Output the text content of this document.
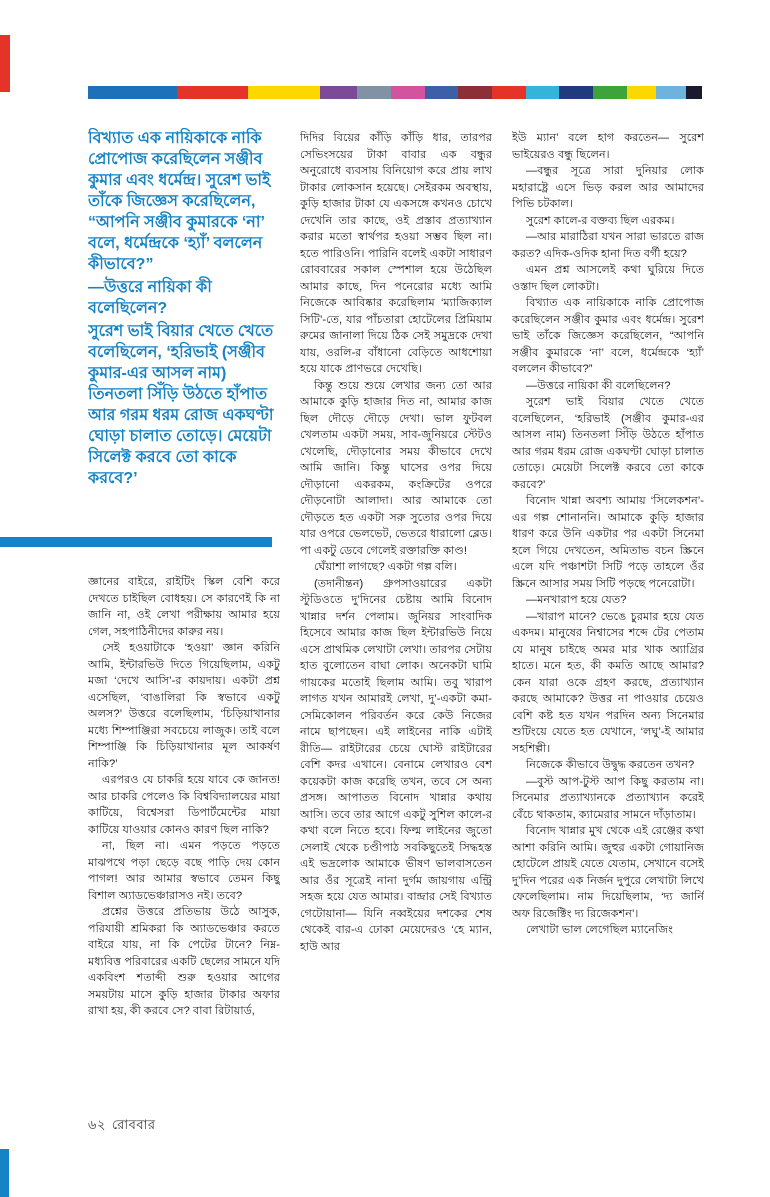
বিখ্যাত এক নায়িকাকে নাকি প্রোপোজ করেছিলেন সঞ্জীব কুমার এবং ধর্মেন্দ্র। সুরেশ ভাই তাঁকে জিজ্ঞেস করেছিলেন, “আপনি সঞ্জীব কুমারকে ‘না’ বলে, ধর্মেন্দ্রকে ‘হ্যাঁ’ বললেন কীভাবে?”

—উত্তরে নায়িকা কী বলেছিলেন?

সুরেশ ভাই বিয়ার খেতে খেতে বলেছিলেন, ‘হরিভাই (সঞ্জীব কুমার-এর আসল নাম) তিনতলা সিঁড়ি উঠতে হাঁপাত আর গরম ধরম রোজ একঘণ্টা ঘোড়া চালাত তোড়ে। মেয়েটা সিলেক্ট করবে তো কাকে করবে?’

জ্ঞানের বাইরে, রাইটিং স্কিল বেশি করে দেখতে চাইছিল বোধহয়। সে কারণেই কি না জানি না, ওই লেখা পরীক্ষায় আমার হয়ে গেল, সহপাঠিনীদের কারুর নয়।

সেই হওয়াটাকে ‘হওয়া’ জ্ঞান করিনি আমি, ইন্টারভিউ দিতে গিয়েছিলাম, একটু মজা ‘দেখে আসি’-র কায়দায়। একটা প্রশ্ন এসেছিল, ‘বাঙালিরা কি স্বভাবে একটু অলস?’ উত্তরে বলেছিলাম, ‘চিড়িয়াখানার মধ্যে শিম্পাঞ্জিরা সবচেয়ে লাজুক। তাই বলে শিম্পাঞ্জি কি চিড়িয়াখানার মূল আকর্ষণ নাকি?’

এরপরও যে চাকরি হয়ে যাবে কে জানত! আর চাকরি পেলেও কি বিশ্ববিদ্যালয়ের মায়া কাটিয়ে, বিশ্বেসরা ডিপার্টমেন্টের মায়া কাটিয়ে যাওয়ার কোনও কারণ ছিল নাকি?

না, ছিল না। এমন পড়তে পড়তে মাঝপথে পড়া ছেড়ে বছে পাড়ি দেয় কোন পাগল! আর আমার স্বভাবে তেমন কিছু বিশাল অ্যাডভেঞ্চারাসও নই। তবে?

প্রশ্নের উত্তরে প্রতিভায় উঠে আসুক, পরিযায়ী শ্রমিকরা কি অ্যাডভেঞ্চার করতে বাইরে যায়, না কি পেটের টানে? নিম্ন-মধ্যবিত্ত পরিবারের একটি ছেলের সামনে যদি একবিংশ শতাব্দী শুরু হওয়ার আগের সময়টায় মাসে কুড়ি হাজার টাকার অফার রাখা হয়, কী করবে সে? বাবা রিটায়ার্ড,

দিদির বিয়ের কাঁড়ি কাঁড়ি ধার, তারপর সেভিংসয়ের টাকা বাবার এক বন্ধুর অনুরোধে ব্যবসায় বিনিয়োগ করে প্রায় লাখ টাকার লোকসান হয়েছে। সেইরকম অবস্থায়, কুড়ি হাজার টাকা যে একসঙ্গে কখনও চোখে দেখেনি তার কাছে, ওই প্রস্তাব প্রত্যাখ্যান করার মতো স্বার্থপর হওয়া সম্ভব ছিল না। হতে পারিওনি। পারিনি বলেই একটা সাধারণ রোববারের সকাল স্পেশাল হয়ে উঠেছিল আমার কাছে, দিন পনেরোর মধ্যে আমি নিজেকে আবিষ্কার করেছিলাম ‘ম্যাজিক্যাল সিটি’-তে, যার পাঁচতারা হোটেলের প্রিমিয়াম রুমের জানালা দিয়ে ঠিক সেই সমুদ্রকে দেখা যায়, ওরলি-র বাঁধানো বেড়িতে আধশোয়া হয়ে যাকে প্রাণভরে দেখেছি।

কিন্তু শুয়ে শুয়ে লেখার জন্য তো আর আমাকে কুড়ি হাজার দিত না, আমার কাজ ছিল দৌড়ে দৌড়ে দেখা। ভাল ফুটবল খেলতাম একটা সময়, সাব-জুনিয়রে স্টেটও খেলেছি, দৌড়ানোর সময় কীভাবে দেখে আমি জানি। কিন্তু ঘাসের ওপর দিয়ে দৌড়ানো একরকম, কংক্রিটের ওপরে দৌড়নোটা আলাদা। আর আমাকে তো দৌড়তে হত একটা সরু সুতোর ওপর দিয়ে যার ওপরে ভেলভেট, ভেতরে ধারালো ব্লেড। পা একটু ডেবে গেলেই রক্তারক্তি কাণ্ড!

ঘেঁয়াশা লাগছে? একটা গল্প বলি।

(তদানীন্তন) গ্রুপসাওয়ারের একটা স্টুডিওতে দু’দিনের চেষ্টায় আমি বিনোদ খান্নার দর্শন পেলাম। জুনিয়র সাংবাদিক হিসেবে আমার কাজ ছিল ইন্টারভিউ নিয়ে এসে প্রাথমিক লেখাটা লেখা। তারপর সেটায় হাত বুলোতেন বাঘা লোক। অনেকটা ঘামি গায়কের মতোই ছিলাম আমি। তবু খারাপ লাগত যখন আমারই লেখা, দু’-একটা কমা-সেমিকোলন পরিবর্তন করে কেউ নিজের নামে ছাপছেন। এই লাইনের নাকি এটাই রীতি— রাইটারের চেয়ে ঘোস্ট রাইটারের বেশি কদর এখানে। বেনামে লেখারও বেশ কয়েকটা কাজ করেছি তখন, তবে সে অন্য প্রসঙ্গ। আপাতত বিনোদ খান্নার কথায় আসি। তবে তার আগে একটু সুশিল কালে-র কথা বলে নিতে হবে। ফিল্ম লাইনের জুতো সেলাই থেকে চণ্ডীপাঠ সবকিছুতেই সিদ্ধহস্ত এই ভদ্রলোক আমাকে ভীষণ ভালবাসতেন আর ওঁর সূত্রেই নানা দুর্গম জায়গায় এন্ট্রি সহজ হয়ে যেত আমার। বান্দ্রার সেই বিখ্যাত গেটোয়ানা— যিনি নব্বইয়ের দশকের শেষ থেকেই বার-এ ঢোকা মেয়েদেরও ‘হে ম্যান, হাউ আর

ইউ ম্যান’ বলে হাগ করতেন— সুরেশ ভাইয়েরও বন্ধু ছিলেন।

—বন্ধুর সূত্রে সারা দুনিয়ার লোক মহারাষ্ট্রে এসে ভিড় করল আর আমাদের পিভি চটকাল।

সুরেশ কালে-র বক্তব্য ছিল এরকম।

—আর মারাঠিরা যখন সারা ভারতে রাজ করত? এদিক-ওদিক হানা দিত বর্গী হয়ে?

এমন প্রশ্ন আসলেই কথা ঘুরিয়ে দিতে ওস্তাদ ছিল লোকটা।

বিখ্যাত এক নায়িকাকে নাকি প্রোপোজ করেছিলেন সঞ্জীব কুমার এবং ধর্মেন্দ্র। সুরেশ ভাই তাঁকে জিজ্ঞেস করেছিলেন, “আপনি সঞ্জীব কুমারকে ‘না’ বলে, ধর্মেন্দ্রকে ‘হ্যাঁ’ বললেন কীভাবে?”

—উত্তরে নায়িকা কী বলেছিলেন?

সুরেশ ভাই বিয়ার খেতে খেতে বলেছিলেন, ‘হরিভাই (সঞ্জীব কুমার-এর আসল নাম) তিনতলা সিঁড়ি উঠতে হাঁপাত আর গরম ধরম রোজ একঘণ্টা ঘোড়া চালাত তোড়ে। মেয়েটা সিলেক্ট করবে তো কাকে করবে?’

বিনোদ খান্না অবশ্য আমায় ‘সিলেকশন’-এর গল্প শোনাননি। আমাকে কুড়ি হাজার ধারণ করে উনি একটার পর একটা সিনেমা হলে গিয়ে দেখতেন, অমিতাভ বচন স্ক্রিনে এলে যদি পঞ্চাশটা সিটি পড়ে তাহলে ওঁর স্ক্রিনে আসার সময় সিটি পড়ছে পনেরোটা।

—মনখারাপ হয়ে যেত?

—খারাপ মানে? ভেঙে চুরমার হয়ে যেত একদম। মানুষের নিশ্বাসের শব্দে টের পেতাম যে মানুষ চাইছে অমর মার খাক অ্যাগ্রির হাতে। মনে হত, কী কমতি আছে আমার? কেন যারা ওকে গ্রহণ করছে, প্রত্যাখ্যান করছে আমাকে? উত্তর না পাওয়ার চেয়েও বেশি কষ্ট হত যখন পরদিন অন্য সিনেমার শুটিংয়ে যেতে হত যেখানে, ‘লঘু’-ই আমার সহশিল্পী।

নিজেকে কীভাবে উদ্বুদ্ধ করতেন তখন?

—বুস্ট আপ-টুস্ট আপ কিছু করতাম না। সিনেমার প্রত্যাখ্যানকে প্রত্যাখ্যান করেই বেঁচে থাকতাম, ক্যামেরার সামনে দাঁড়াতাম।

বিনোদ খান্নার মুখ থেকে এই রেঞ্জের কথা আশা করিনি আমি। জুহুর একটা গোয়ানিজ হোটেলে প্রায়ই যেতে যেতাম, সেখানে বসেই দু’দিন পরের এক নির্জন দুপুরে লেখাটা লিখে ফেলেছিলাম। নাম দিয়েছিলাম, ‘দ্য জার্নি অফ রিজেক্টিং দ্য রিজেকশন’।

লেখাটা ভাল লেগেছিল ম্যানেজিং

৬২ রোববার
